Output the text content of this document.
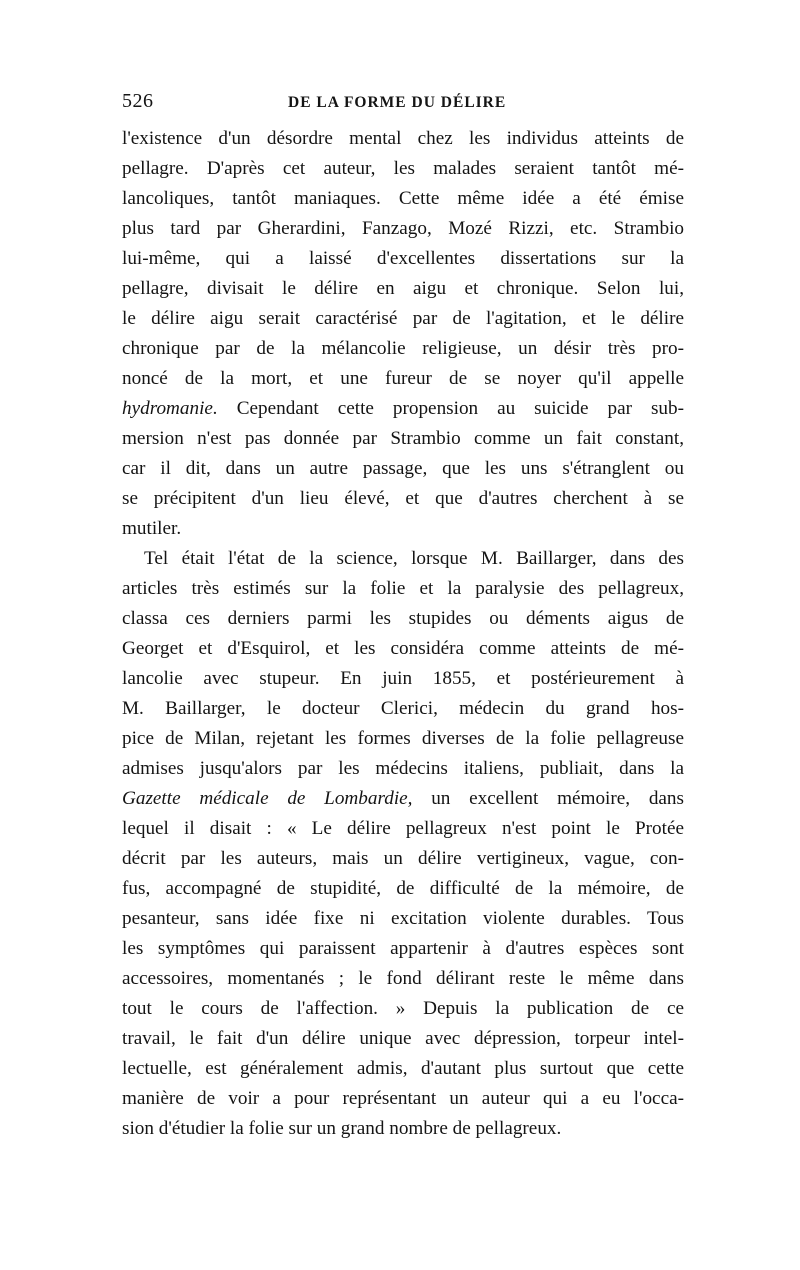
526	DE LA FORME DU DÉLIRE
l'existence d'un désordre mental chez les individus atteints de
pellagre. D'après cet auteur, les malades seraient tantôt mé-
lancoliques, tantôt maniaques. Cette même idée a été émise
plus tard par Gherardini, Fanzago, Mozé Rizzi, etc. Strambio
lui-même, qui a laissé d'excellentes dissertations sur la
pellagre, divisait le délire en aigu et chronique. Selon lui,
le délire aigu serait caractérisé par de l'agitation, et le délire
chronique par de la mélancolie religieuse, un désir très pro-
noncé de la mort, et une fureur de se noyer qu'il appelle
hydromanie. Cependant cette propension au suicide par sub-
mersion n'est pas donnée par Strambio comme un fait constant,
car il dit, dans un autre passage, que les uns s'étranglent ou
se précipitent d'un lieu élevé, et que d'autres cherchent à se
mutiler.
Tel était l'état de la science, lorsque M. Baillarger, dans des
articles très estimés sur la folie et la paralysie des pellagreux,
classa ces derniers parmi les stupides ou déments aigus de
Georget et d'Esquirol, et les considéra comme atteints de mé-
lancolie avec stupeur. En juin 1855, et postérieurement à
M. Baillarger, le docteur Clerici, médecin du grand hos-
pice de Milan, rejetant les formes diverses de la folie pellagreuse
admises jusqu'alors par les médecins italiens, publiait, dans la
Gazette médicale de Lombardie, un excellent mémoire, dans
lequel il disait : « Le délire pellagreux n'est point le Protée
décrit par les auteurs, mais un délire vertigineux, vague, con-
fus, accompagné de stupidité, de difficulté de la mémoire, de
pesanteur, sans idée fixe ni excitation violente durables. Tous
les symptômes qui paraissent appartenir à d'autres espèces sont
accessoires, momentanés ; le fond délirant reste le même dans
tout le cours de l'affection. » Depuis la publication de ce
travail, le fait d'un délire unique avec dépression, torpeur intel-
lectuelle, est généralement admis, d'autant plus surtout que cette
manière de voir a pour représentant un auteur qui a eu l'occa-
sion d'étudier la folie sur un grand nombre de pellagreux.
